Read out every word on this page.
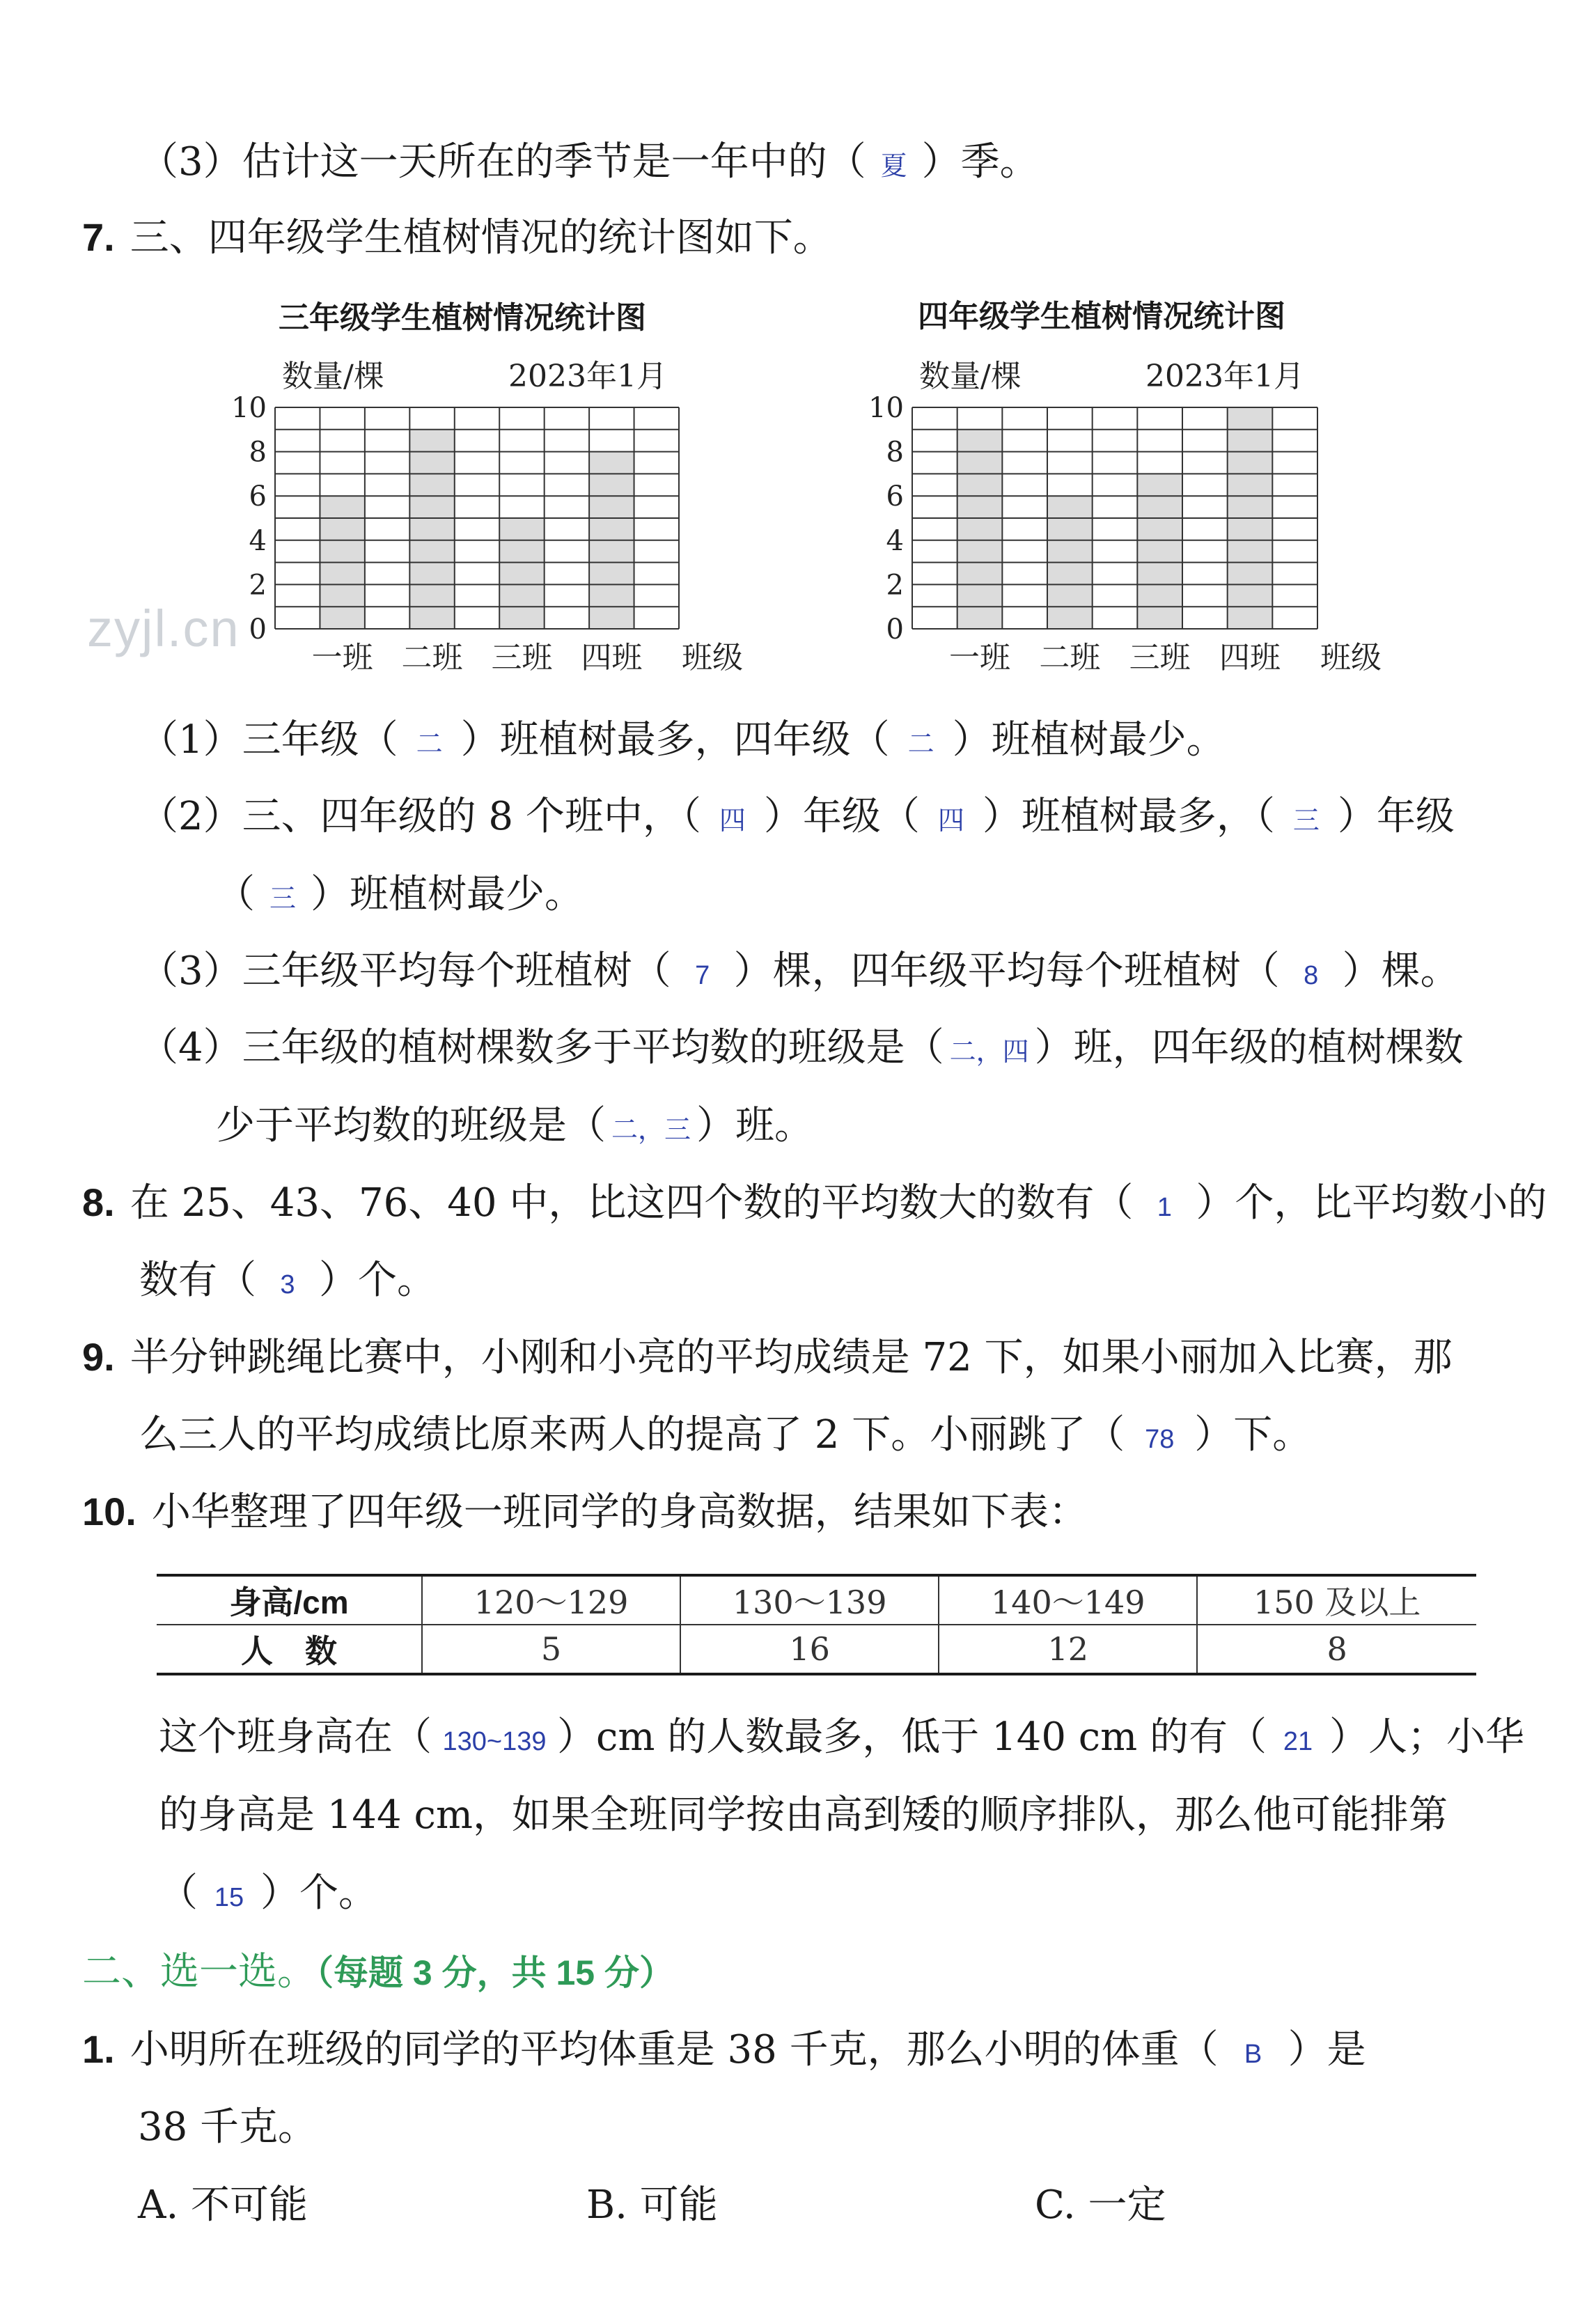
（3）估计这一天所在的季节是一年中的（ 夏 ）季。
7. 三、四年级学生植树情况的统计图如下。
三年级学生植树情况统计图	四年级学生植树情况统计图
0
2
4
6
8
10
数量/棵	2023年1月
一班 二班 三班 四班 班级
0
2
4
6
8
10
数量/棵	2023年1月
一班 二班 三班 四班 班级
zyjl.cn
（1）三年级（ 二 ）班植树最多，四年级（ 二 ）班植树最少。
（2）三、四年级的 8 个班中，（ 四 ）年级（ 四 ）班植树最多，（ 三 ）年级
（ 三 ）班植树最少。
（3）三年级平均每个班植树（ 7 ）棵，四年级平均每个班植树（ 8 ）棵。
（4）三年级的植树棵数多于平均数的班级是（ 二，四 ）班，四年级的植树棵数
少于平均数的班级是（ 二，三 ）班。
8. 在 25、43、76、40 中，比这四个数的平均数大的数有（ 1 ）个，比平均数小的
数有（ 3 ）个。
9. 半分钟跳绳比赛中，小刚和小亮的平均成绩是 72 下，如果小丽加入比赛，那
么三人的平均成绩比原来两人的提高了 2 下。小丽跳了（ 78 ）下。
10. 小华整理了四年级一班同学的身高数据，结果如下表：
身高/cm	120～129	130～139	140～149	150 及以上
人　数	5	16	12	8
这个班身高在（ 130~139 ）cm 的人数最多，低于 140 cm 的有（ 21 ）人；小华
的身高是 144 cm，如果全班同学按由高到矮的顺序排队，那么他可能排第
（ 15 ）个。
二、选一选。（每题 3 分，共 15 分）
1. 小明所在班级的同学的平均体重是 38 千克，那么小明的体重（ B ）是
38 千克。
A. 不可能	B. 可能	C. 一定
